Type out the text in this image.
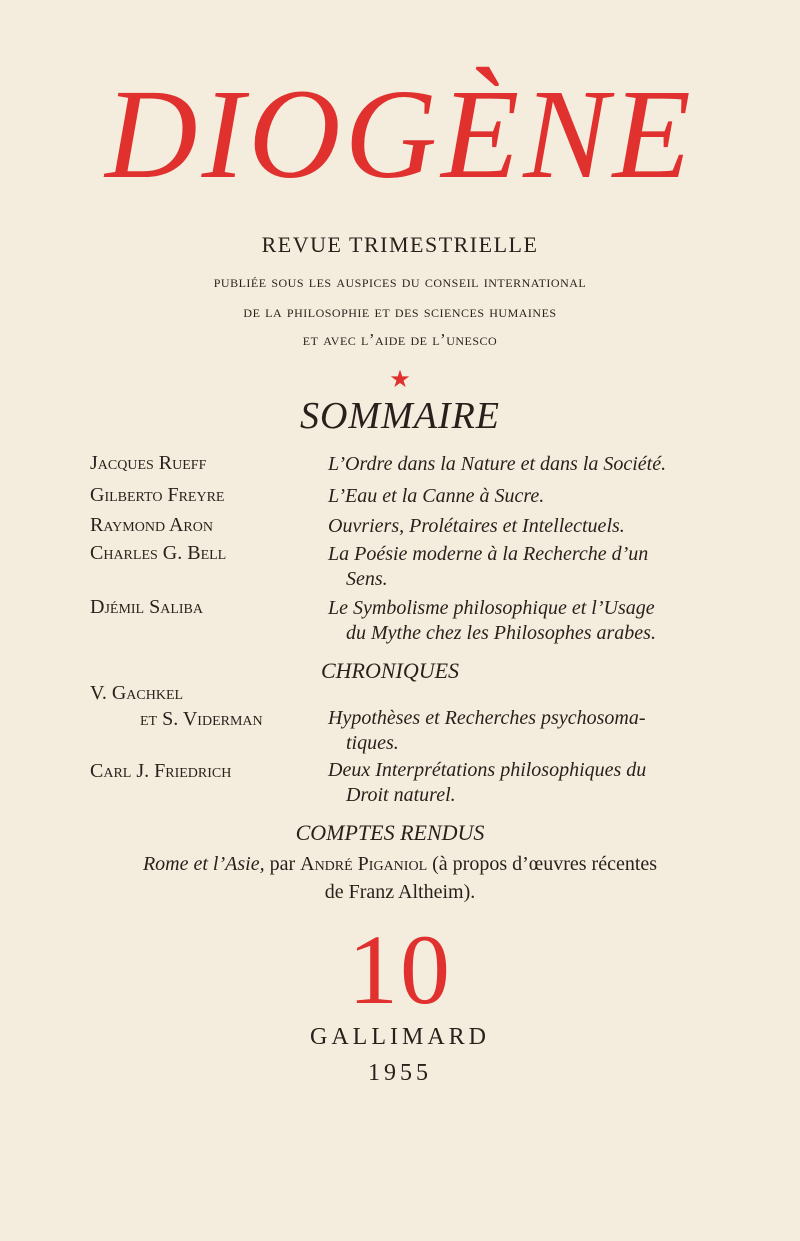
DIOGÈNE
REVUE TRIMESTRIELLE
publiée sous les auspices du conseil international
de la philosophie et des sciences humaines
et avec l’aide de l’unesco
★
SOMMAIRE
Jacques Rueff	L’Ordre dans la Nature et dans la Société.
Gilberto Freyre	L’Eau et la Canne à Sucre.
Raymond Aron	Ouvriers, Prolétaires et Intellectuels.
Charles G. Bell	La Poésie moderne à la Recherche d’un
Sens.
Djémil Saliba	Le Symbolisme philosophique et l’Usage
du Mythe chez les Philosophes arabes.
CHRONIQUES
V. Gachkel
et S. Viderman	Hypothèses et Recherches psychosoma-
tiques.
Carl J. Friedrich	Deux Interprétations philosophiques du
Droit naturel.
COMPTES RENDUS
Rome et l’Asie, par André Piganiol (à propos d’œuvres récentes
de Franz Altheim).
10
GALLIMARD
1955
